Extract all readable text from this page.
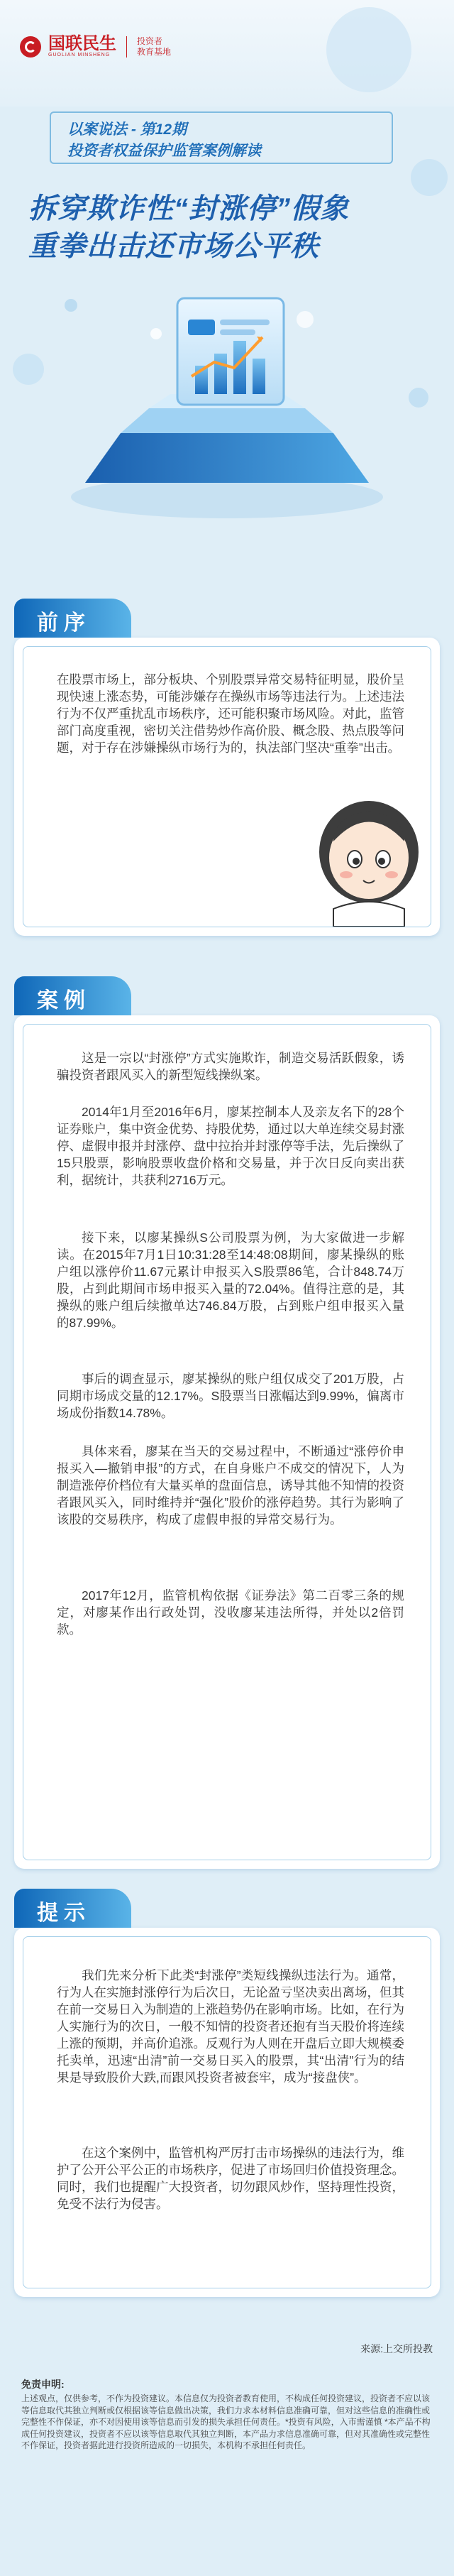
国联民生
GUOLIAN MINSHENG
投资者
教育基地
以案说法 - 第12期
投资者权益保护监管案例解读
拆穿欺诈性“封涨停”假象
重拳出击还市场公平秩
前序

在股票市场上，部分板块、个别股票异常交易特征明显，股价呈现快速上涨态势，可能涉嫌存在操纵市场等违法行为。上述违法行为不仅严重扰乱市场秩序，还可能积聚市场风险。对此，监管部门高度重视，密切关注借势炒作高价股、概念股、热点股等问题，对于存在涉嫌操纵市场行为的，执法部门坚决“重拳”出击。

案例

这是一宗以“封涨停”方式实施欺诈，制造交易活跃假象，诱骗投资者跟风买入的新型短线操纵案。

2014年1月至2016年6月，廖某控制本人及亲友名下的28个证券账户，集中资金优势、持股优势，通过以大单连续交易封涨停、虚假申报并封涨停、盘中拉抬并封涨停等手法，先后操纵了15只股票，影响股票收盘价格和交易量，并于次日反向卖出获利，据统计，共获利2716万元。

接下来，以廖某操纵S公司股票为例，为大家做进一步解读。在2015年7月1日10:31:28至14:48:08期间，廖某操纵的账户组以涨停价11.67元累计申报买入S股票86笔，合计848.74万股，占到此期间市场申报买入量的72.04%。值得注意的是，其操纵的账户组后续撤单达746.84万股，占到账户组申报买入量的87.99%。

事后的调查显示，廖某操纵的账户组仅成交了201万股，占同期市场成交量的12.17%。S股票当日涨幅达到9.99%，偏离市场成份指数14.78%。

具体来看，廖某在当天的交易过程中，不断通过“涨停价申报买入—撤销申报”的方式，在自身账户不成交的情况下，人为制造涨停价档位有大量买单的盘面信息，诱导其他不知情的投资者跟风买入，同时维持并“强化”股价的涨停趋势。其行为影响了该股的交易秩序，构成了虚假申报的异常交易行为。

2017年12月，监管机构依据《证券法》第二百零三条的规定，对廖某作出行政处罚，没收廖某违法所得，并处以2倍罚款。

提示

我们先来分析下此类“封涨停”类短线操纵违法行为。通常，行为人在实施封涨停行为后次日，无论盈亏坚决卖出离场，但其在前一交易日入为制造的上涨趋势仍在影响市场。比如，在行为人实施行为的次日，一般不知情的投资者还抱有当天股价将连续上涨的预期，并高价追涨。反观行为人则在开盘后立即大规模委托卖单，迅速“出清”前一交易日买入的股票，其“出清”行为的结果是导致股价大跌,而跟风投资者被套牢，成为“接盘侠”。

在这个案例中，监管机构严厉打击市场操纵的违法行为，维护了公开公平公正的市场秩序，促进了市场回归价值投资理念。同时，我们也提醒广大投资者，切勿跟风炒作，坚持理性投资，免受不法行为侵害。

来源:上交所投教
免责申明:

上述观点，仅供参考，不作为投资建议。本信息仅为投资者教育使用，不构成任何投资建议，投资者不应以该等信息取代其独立判断或仅根据该等信息做出决策，我们力求本材料信息准确可靠，但对这些信息的准确性或完整性不作保证，亦不对因使用该等信息而引发的损失承担任何责任。*投资有风险，入市需谨慎 *本产品不构成任何投资建议，投资者不应以该等信息取代其独立判断，本产品力求信息准确可靠，但对其准确性或完整性不作保证，投资者据此进行投资所造成的一切损失，本机构不承担任何责任。
